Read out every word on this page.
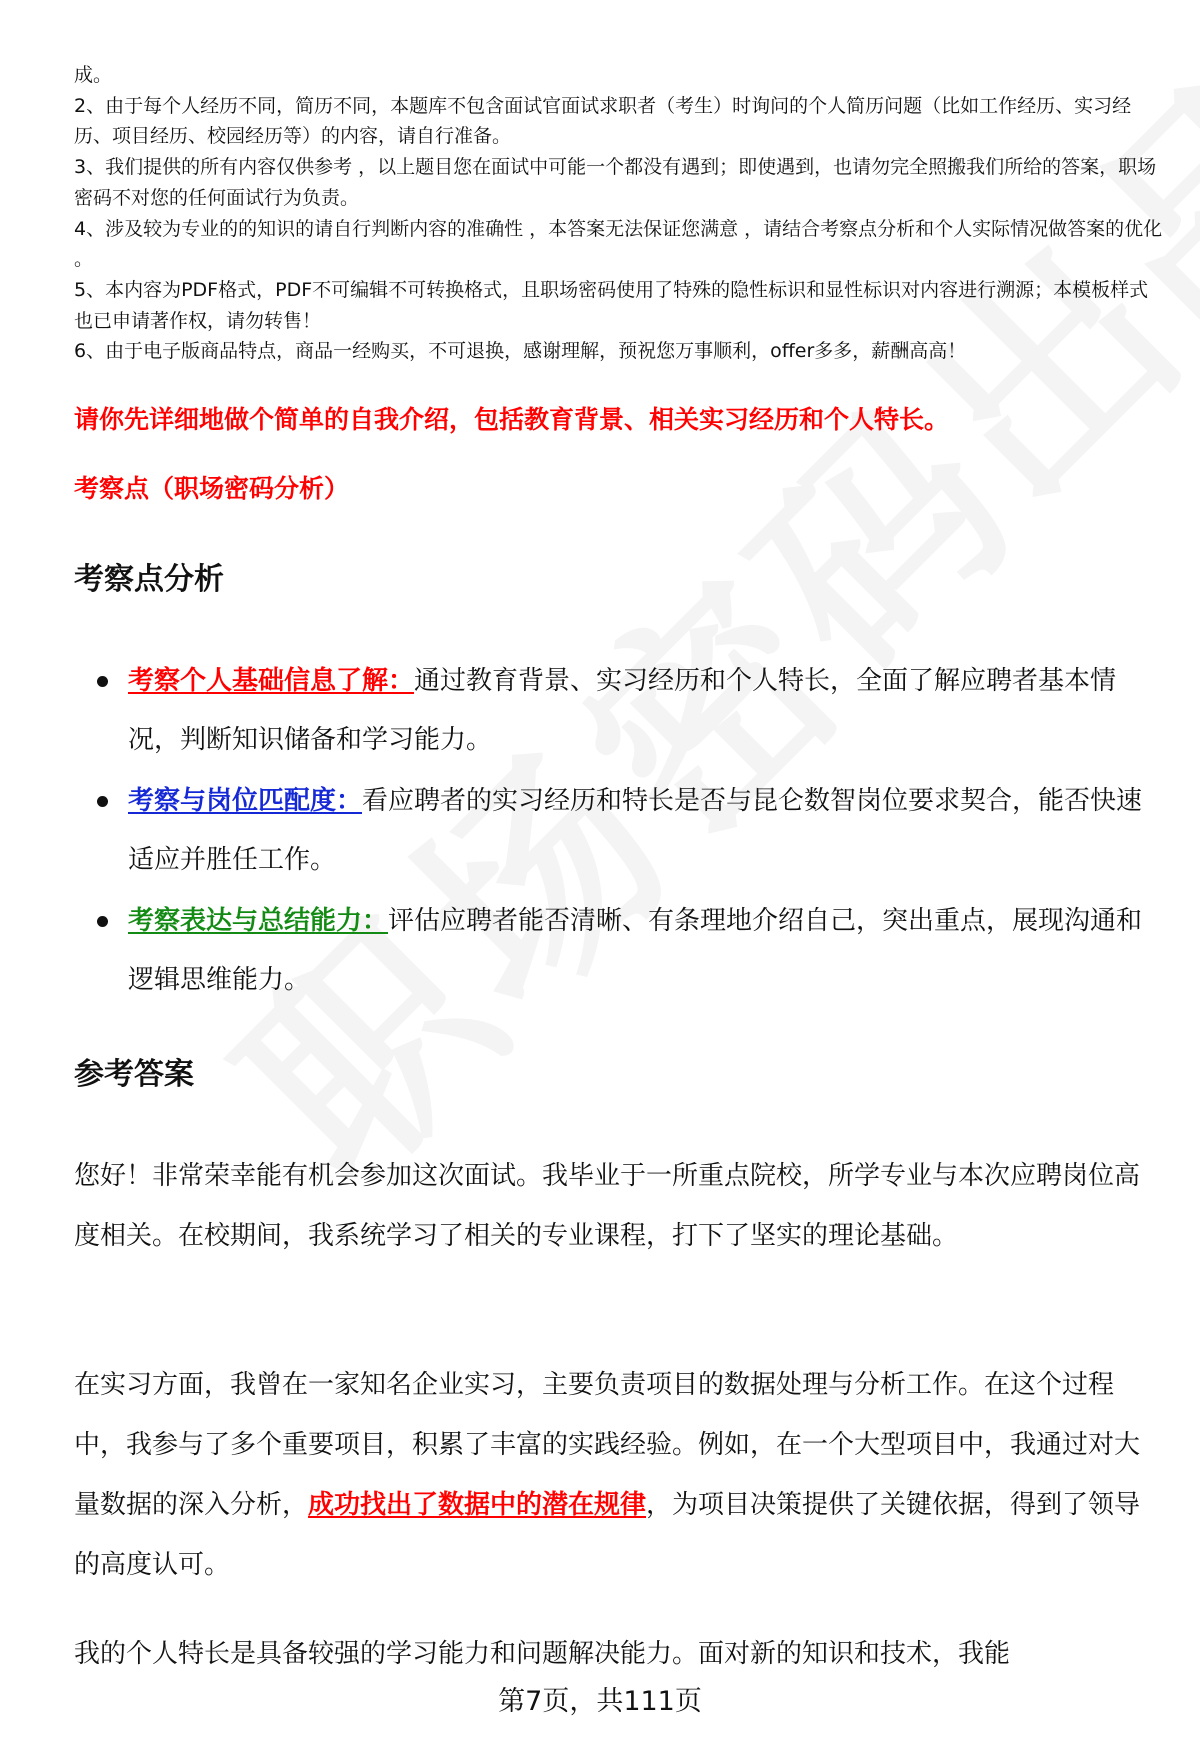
成。

2、由于每个人经历不同，简历不同，本题库不包含面试官面试求职者（考生）时询问的个人简历问题（比如工作经历、实习经历、项目经历、校园经历等）的内容，请自行准备。

3、我们提供的所有内容仅供参考 ，以上题目您在面试中可能一个都没有遇到；即使遇到，也请勿完全照搬我们所给的答案，职场密码不对您的任何面试行为负责。

4、涉及较为专业的的知识的请自行判断内容的准确性 ，本答案无法保证您满意 ，请结合考察点分析和个人实际情况做答案的优化 。

5、本内容为PDF格式，PDF不可编辑不可转换格式，且职场密码使用了特殊的隐性标识和显性标识对内容进行溯源；本模板样式也已申请著作权，请勿转售！

6、由于电子版商品特点，商品一经购买，不可退换，感谢理解，预祝您万事顺利，offer多多，薪酬高高！

请你先详细地做个简单的自我介绍，包括教育背景、相关实习经历和个人特长。
考察点（职场密码分析）
考察点分析
考察个人基础信息了解：通过教育背景、实习经历和个人特长，全面了解应聘者基本情况，判断知识储备和学习能力。
考察与岗位匹配度：看应聘者的实习经历和特长是否与昆仑数智岗位要求契合，能否快速适应并胜任工作。
考察表达与总结能力：评估应聘者能否清晰、有条理地介绍自己，突出重点，展现沟通和逻辑思维能力。
参考答案

您好！非常荣幸能有机会参加这次面试。我毕业于一所重点院校，所学专业与本次应聘岗位高度相关。在校期间，我系统学习了相关的专业课程，打下了坚实的理论基础。

在实习方面，我曾在一家知名企业实习，主要负责项目的数据处理与分析工作。在这个过程中，我参与了多个重要项目，积累了丰富的实践经验。例如，在一个大型项目中，我通过对大量数据的深入分析，成功找出了数据中的潜在规律，为项目决策提供了关键依据，得到了领导的高度认可。

我的个人特长是具备较强的学习能力和问题解决能力。面对新的知识和技术，我能

第7页，共111页
